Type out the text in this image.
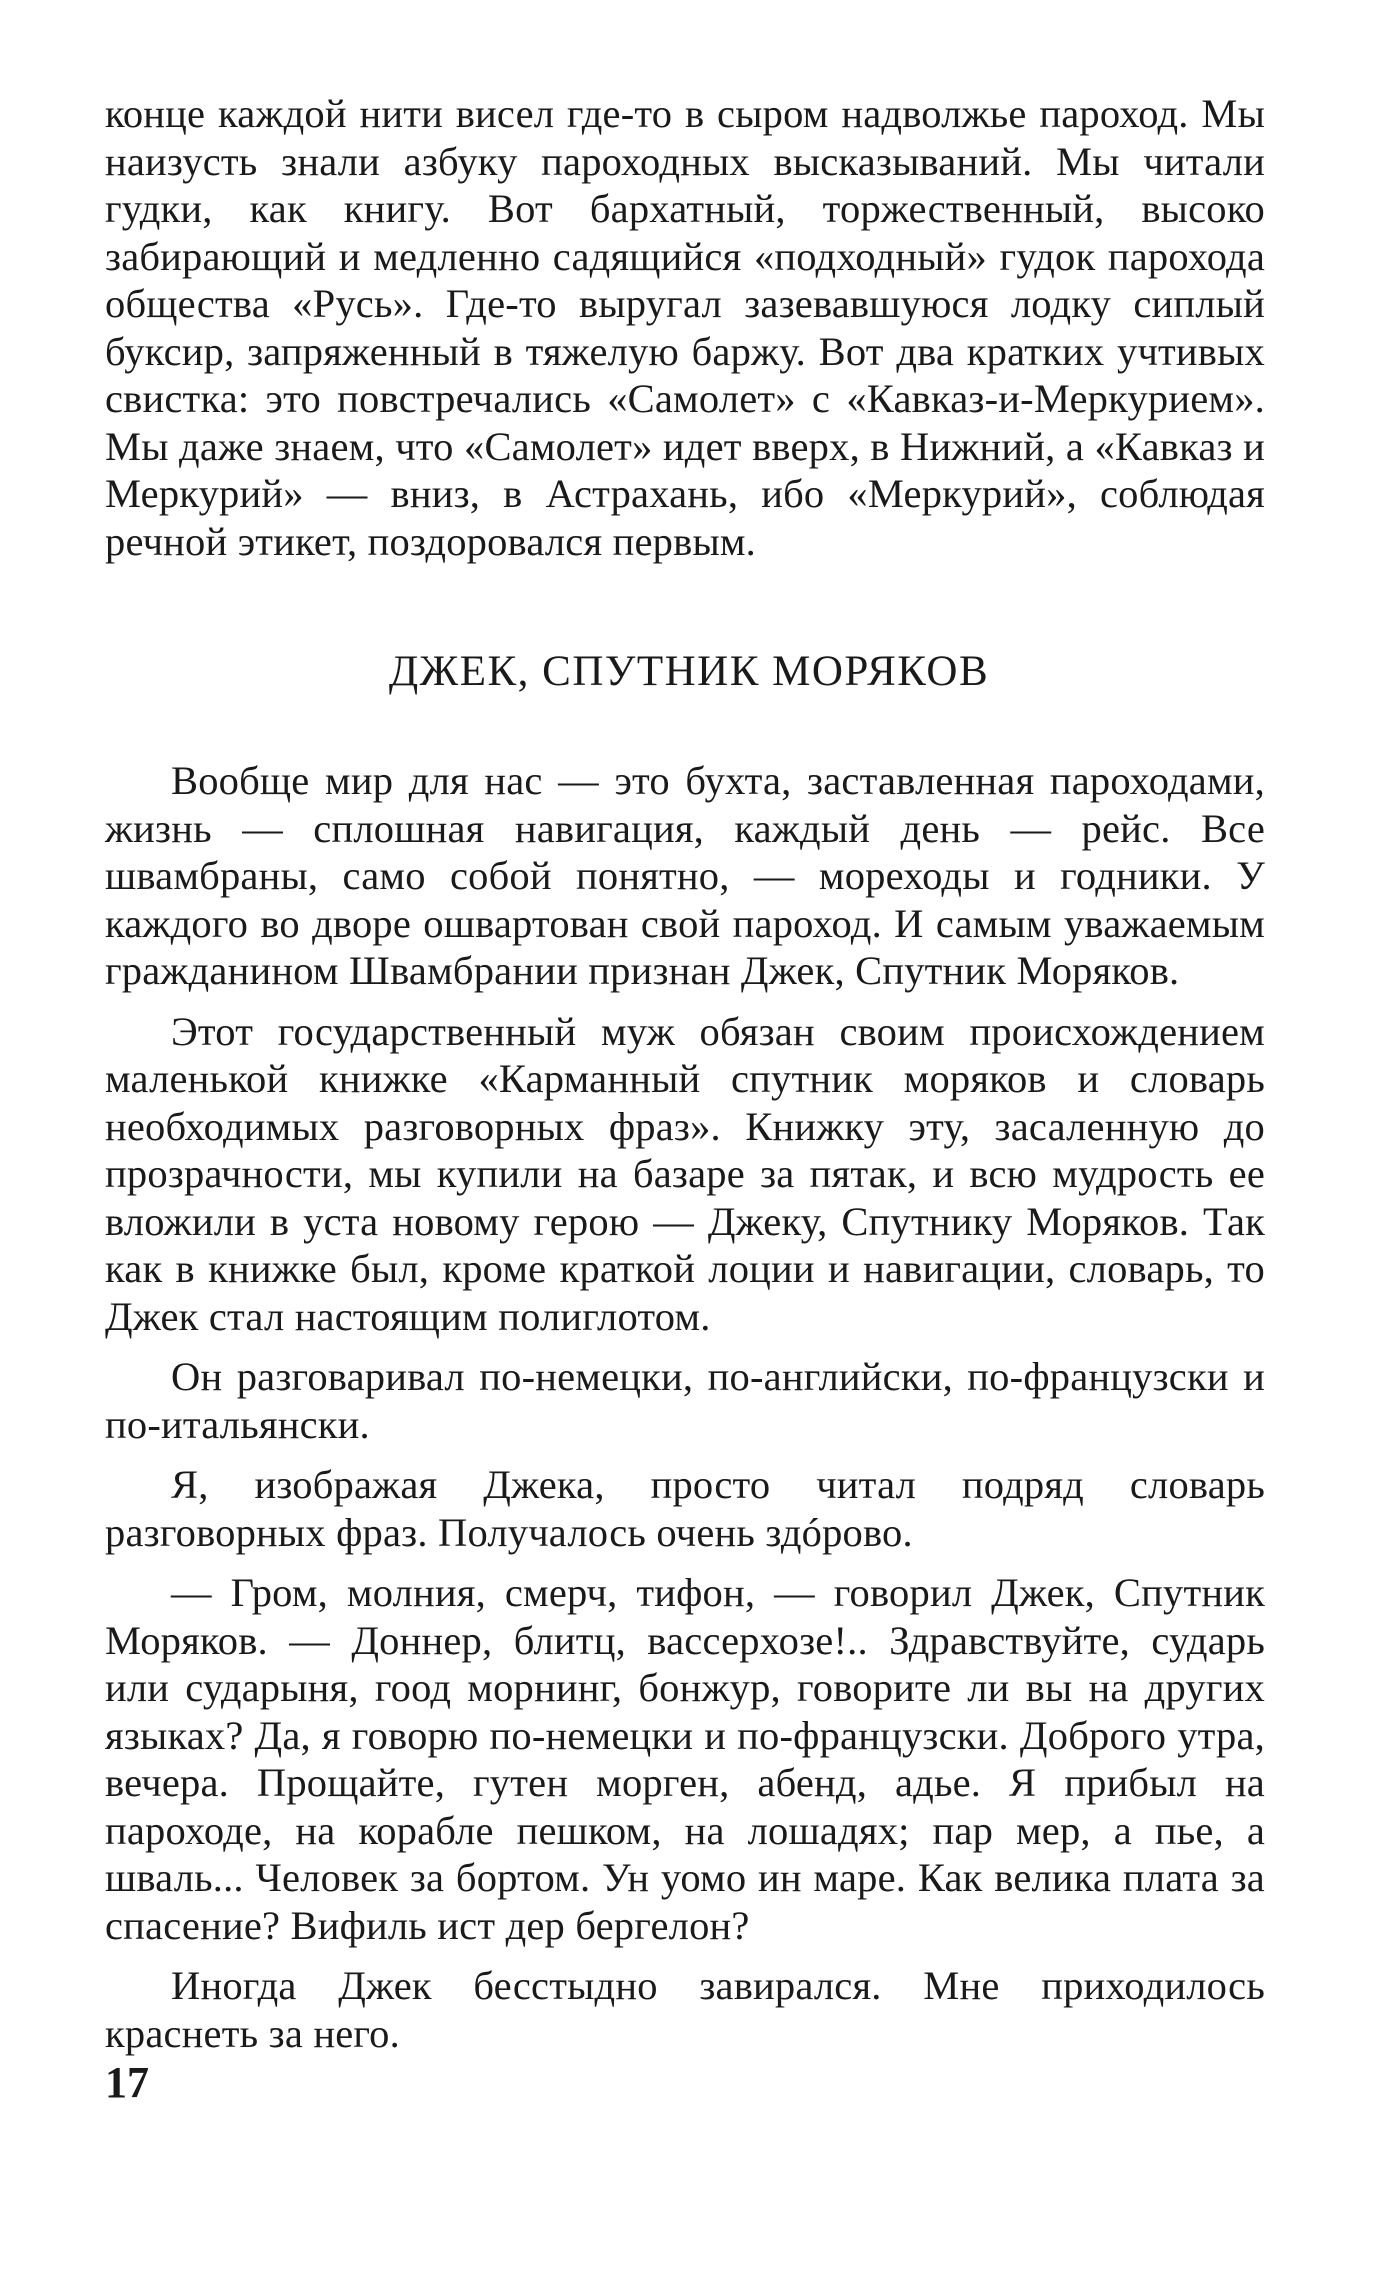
конце каждой нити висел где-то в сыром надволжье пароход. Мы наизусть знали азбуку пароходных высказываний. Мы читали гудки, как книгу. Вот бархатный, торжественный, высоко забирающий и медленно садящийся «подходный» гудок парохода общества «Русь». Где-то выругал зазевавшуюся лодку сиплый буксир, запряженный в тяжелую баржу. Вот два кратких учтивых свистка: это повстречались «Самолет» с «Кавказ-и-Меркурием». Мы даже знаем, что «Самолет» идет вверх, в Нижний, а «Кавказ и Меркурий» — вниз, в Астрахань, ибо «Меркурий», соблюдая речной этикет, поздоровался первым.

ДЖЕК, СПУТНИК МОРЯКОВ

Вообще мир для нас — это бухта, заставленная пароходами, жизнь — сплошная навигация, каждый день — рейс. Все швамбраны, само собой понятно, — мореходы и годники. У каждого во дворе ошвартован свой пароход. И самым уважаемым гражданином Швамбрании признан Джек, Спутник Моряков.

Этот государственный муж обязан своим происхождением маленькой книжке «Карманный спутник моряков и словарь необходимых разговорных фраз». Книжку эту, засаленную до прозрачности, мы купили на базаре за пятак, и всю мудрость ее вложили в уста новому герою — Джеку, Спутнику Моряков. Так как в книжке был, кроме краткой лоции и навигации, словарь, то Джек стал настоящим полиглотом.

Он разговаривал по-немецки, по-английски, по-французски и по-итальянски.

Я, изображая Джека, просто читал подряд словарь разговорных фраз. Получалось очень здóрово.

— Гром, молния, смерч, тифон, — говорил Джек, Спутник Моряков. — Доннер, блитц, вассерхозе!.. Здравствуйте, сударь или сударыня, гоод морнинг, бонжур, говорите ли вы на других языках? Да, я говорю по-немецки и по-французски. Доброго утра, вечера. Прощайте, гутен морген, абенд, адье. Я прибыл на пароходе, на корабле пешком, на лошадях; пар мер, а пье, а шваль... Человек за бортом. Ун уомо ин маре. Как велика плата за спасение? Вифиль ист дер бергелон?

Иногда Джек бесстыдно завирался. Мне приходилось краснеть за него.

17
